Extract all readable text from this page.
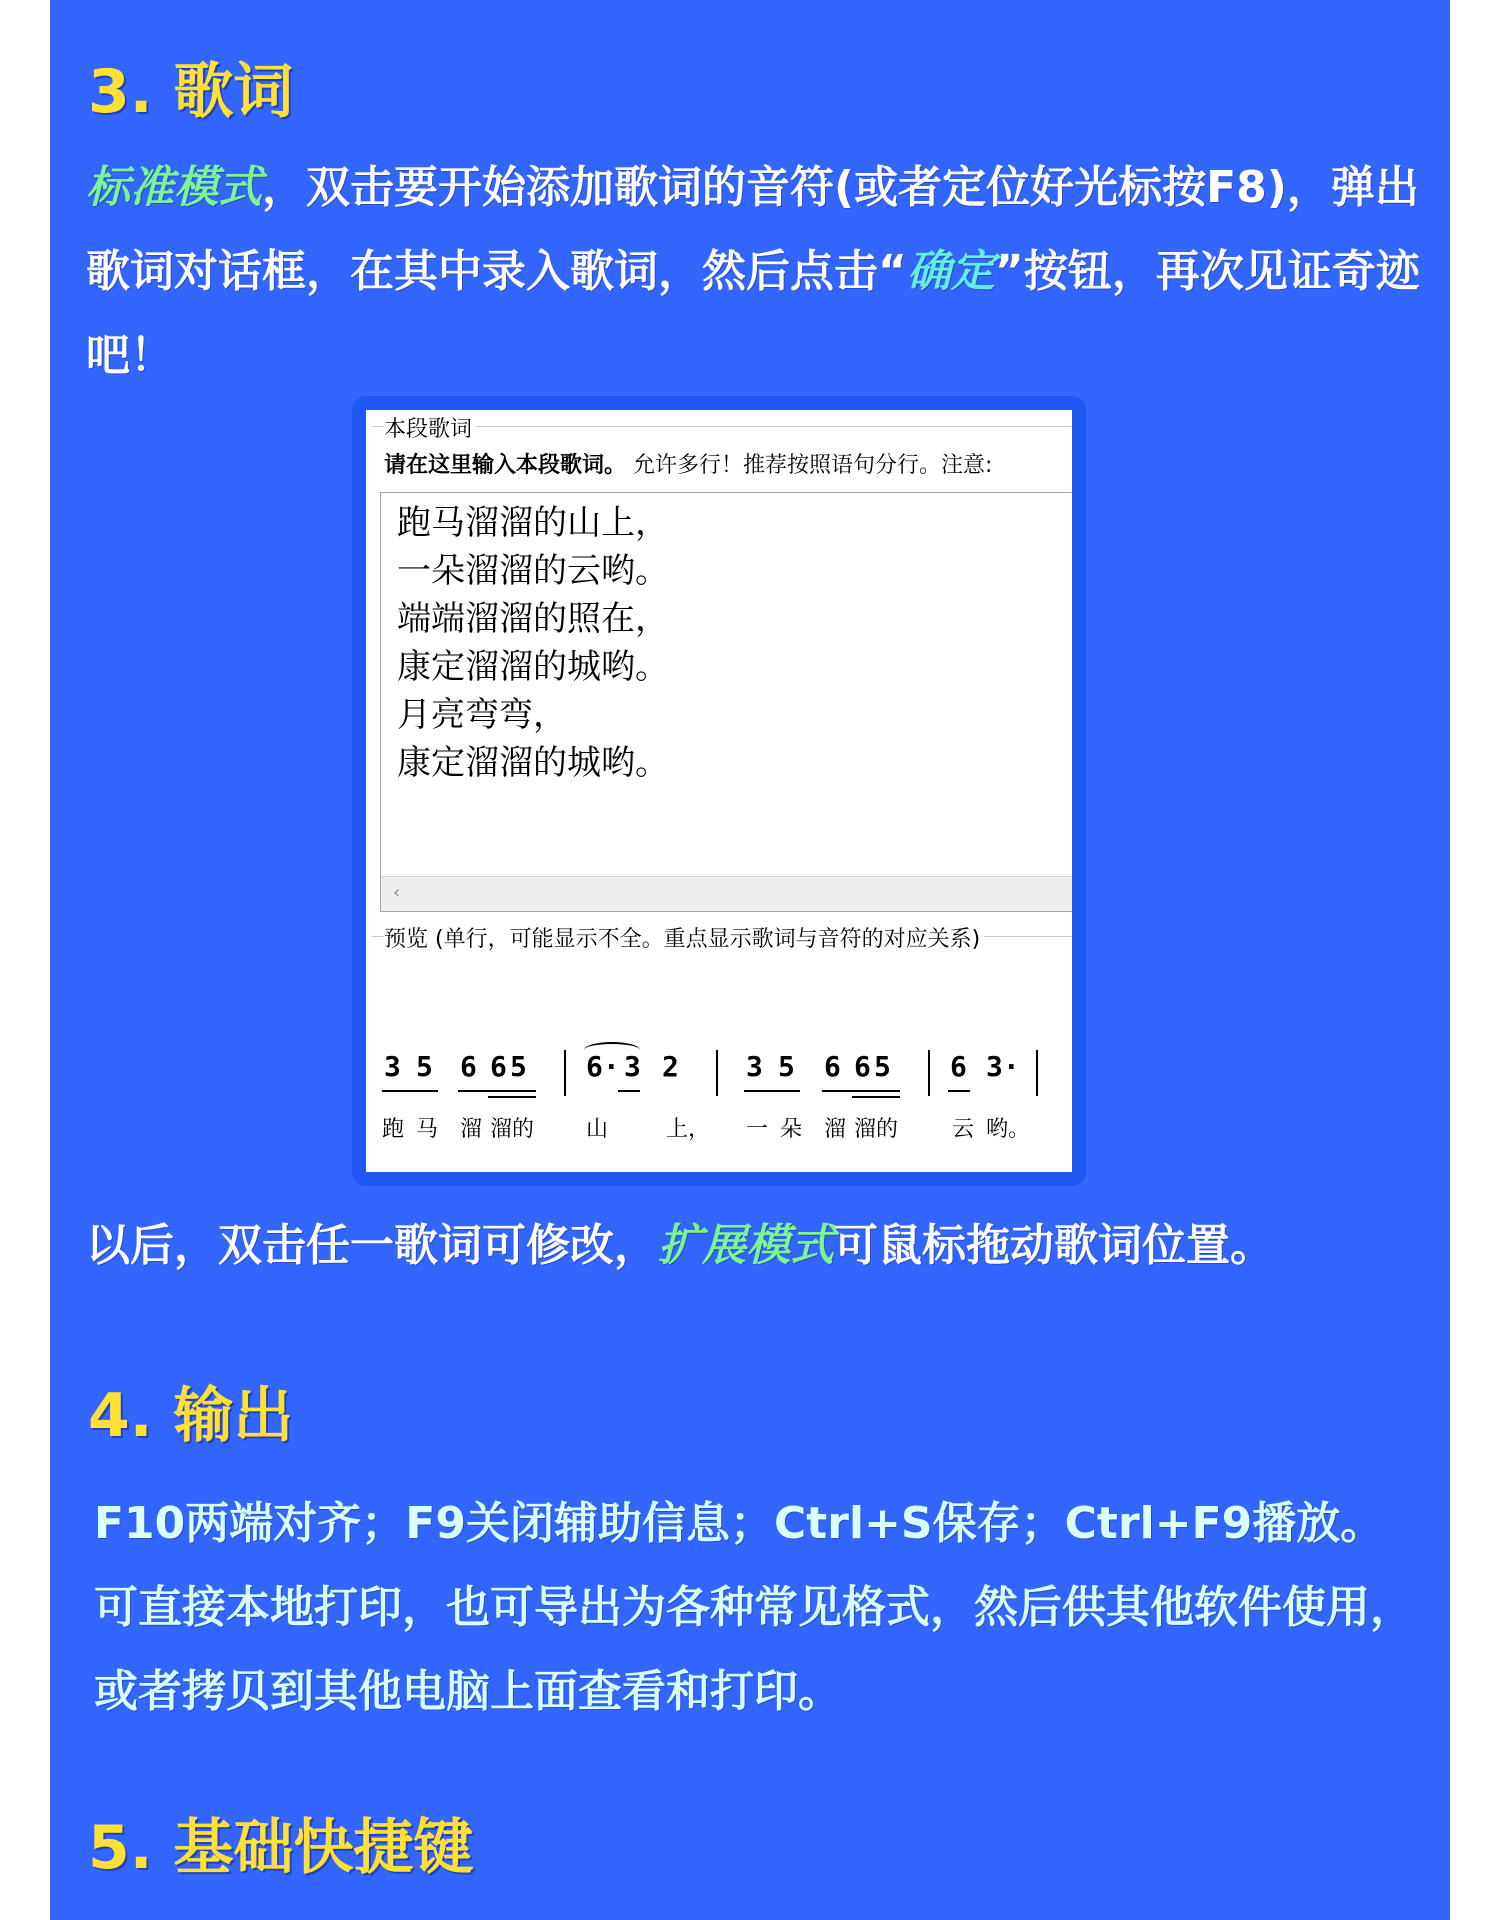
3. 歌词

标准模式，双击要开始添加歌词的音符(或者定位好光标按F8)，弹出歌词对话框，在其中录入歌词，然后点击“确定”按钮，再次见证奇迹吧！

本段歌词
请在这里输入本段歌词。 允许多行！推荐按照语句分行。注意:
跑马溜溜的山上，
一朵溜溜的云哟。
端端溜溜的照在，
康定溜溜的城哟。
月亮弯弯，
康定溜溜的城哟。
‹
预览 (单行，可能显示不全。重点显示歌词与音符的对应关系)
3 5 6 6 5 6· 3 2 3 5 6 6 5 6 3·
跑 马 溜 溜的 山	上， 一 朵 溜 溜的 云 哟。

以后，双击任一歌词可修改，扩展模式可鼠标拖动歌词位置。

4. 输出

F10两端对齐；F9关闭辅助信息；Ctrl+S保存；Ctrl+F9播放。

可直接本地打印，也可导出为各种常见格式，然后供其他软件使用，或者拷贝到其他电脑上面查看和打印。

5. 基础快捷键
